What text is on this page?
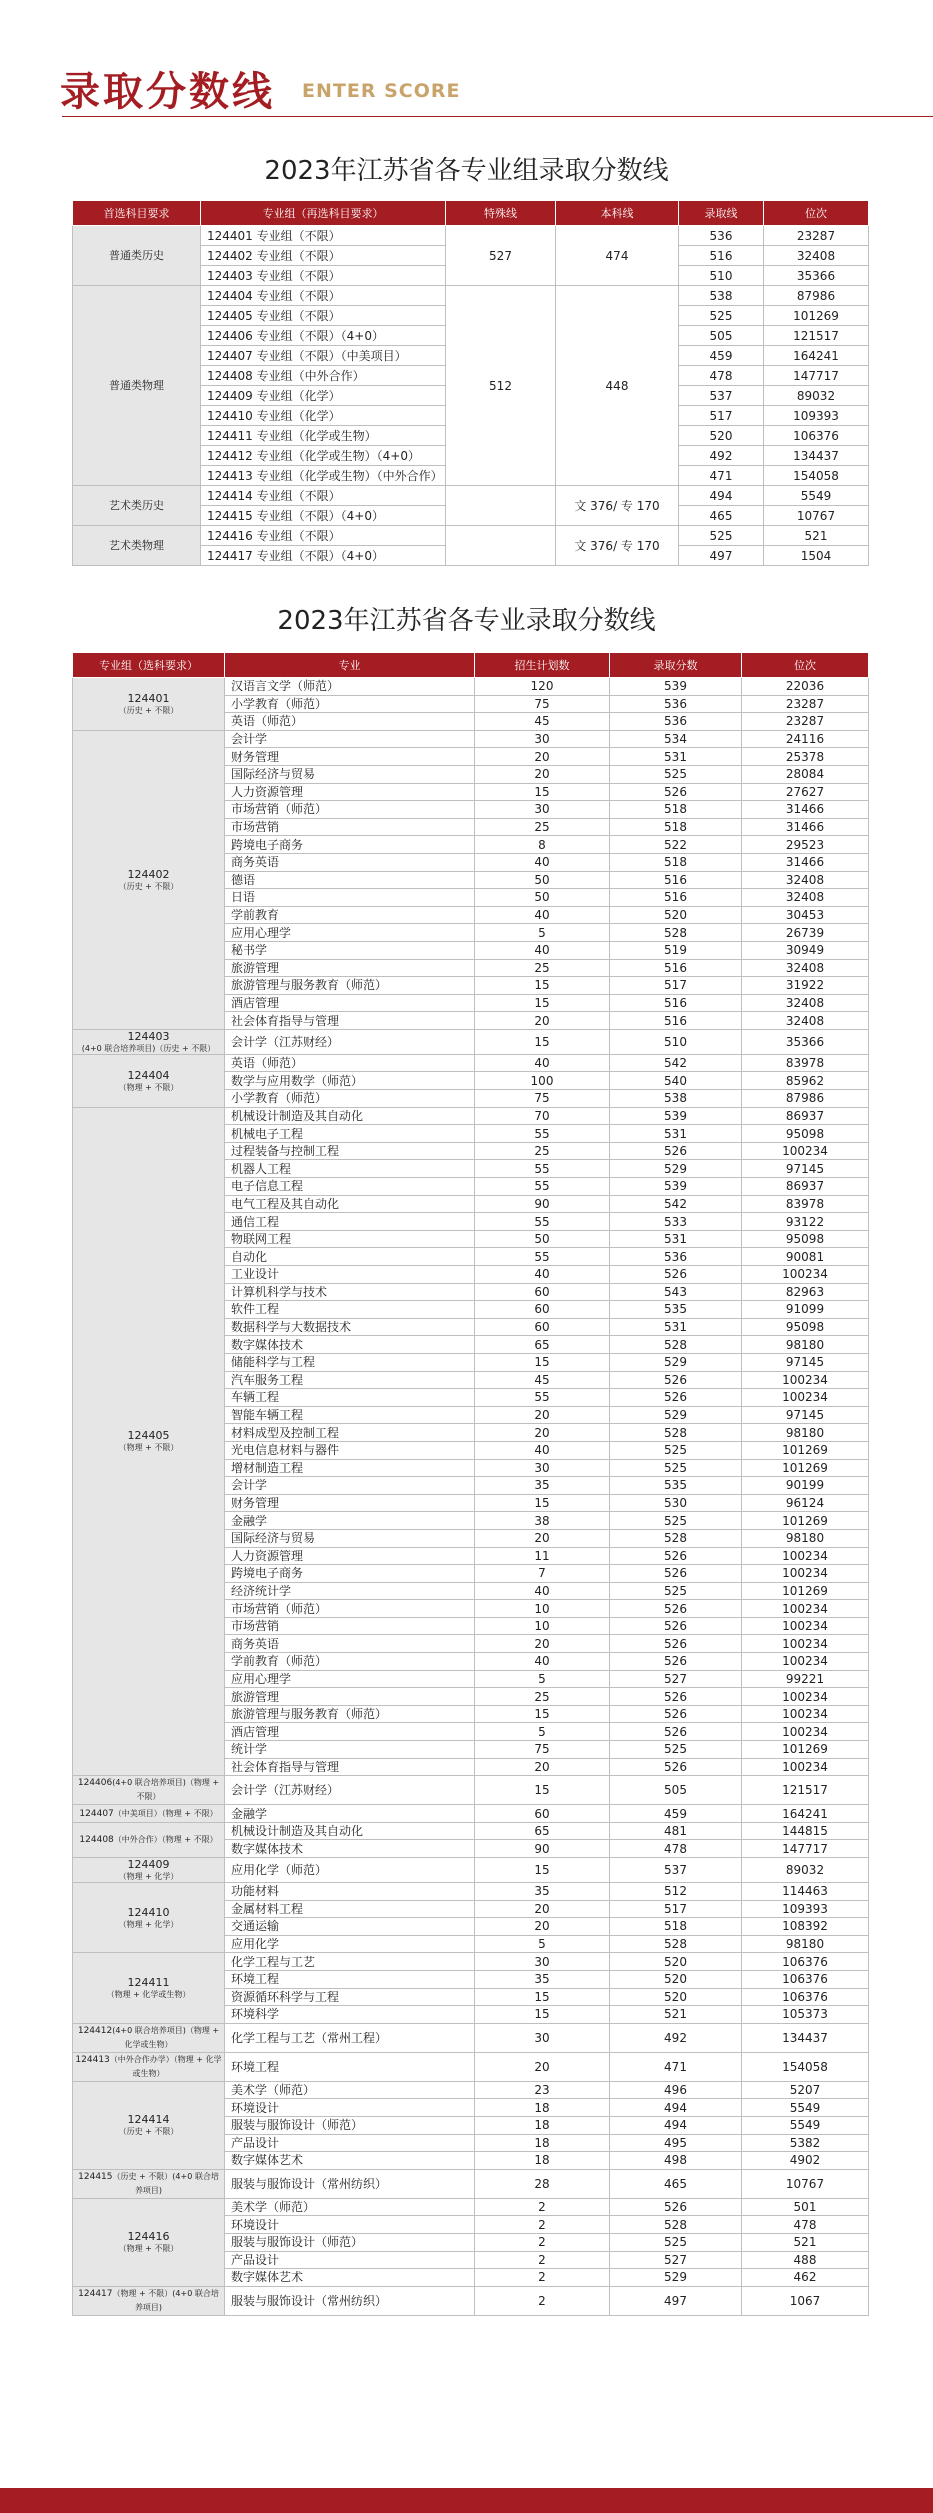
录取分数线 ENTER SCORE
2023年江苏省各专业组录取分数线
首选科目要求	专业组（再选科目要求）	特殊线	本科线	录取线	位次
普通类历史	124401 专业组（不限）	527	474	536	23287
	124402 专业组（不限）			516	32408
	124403 专业组（不限）			510	35366
普通类物理	124404 专业组（不限）	512	448	538	87986
	124405 专业组（不限）			525	101269
	124406 专业组（不限）（4+0）			505	121517
	124407 专业组（不限）（中美项目）			459	164241
	124408 专业组（中外合作）			478	147717
	124409 专业组（化学）			537	89032
	124410 专业组（化学）			517	109393
	124411 专业组（化学或生物）			520	106376
	124412 专业组（化学或生物）（4+0）			492	134437
	124413 专业组（化学或生物）（中外合作）			471	154058
艺术类历史	124414 专业组（不限）		文 376/ 专 170	494	5549
	124415 专业组（不限）（4+0）			465	10767
艺术类物理	124416 专业组（不限）		文 376/ 专 170	525	521
	124417 专业组（不限）（4+0）			497	1504
2023年江苏省各专业录取分数线
专业组（选科要求）	专业	招生计划数	录取分数	位次
124401
（历史 + 不限）	汉语言文学（师范）	120	539	22036
	小学教育（师范）	75	536	23287
	英语（师范）	45	536	23287
124402
（历史 + 不限）	会计学	30	534	24116
	财务管理	20	531	25378
	国际经济与贸易	20	525	28084
	人力资源管理	15	526	27627
	市场营销（师范）	30	518	31466
	市场营销	25	518	31466
	跨境电子商务	8	522	29523
	商务英语	40	518	31466
	德语	50	516	32408
	日语	50	516	32408
	学前教育	40	520	30453
	应用心理学	5	528	26739
	秘书学	40	519	30949
	旅游管理	25	516	32408
	旅游管理与服务教育（师范）	15	517	31922
	酒店管理	15	516	32408
	社会体育指导与管理	20	516	32408
124403
(4+0 联合培养项目)（历史 + 不限）	会计学（江苏财经）	15	510	35366
124404
（物理 + 不限）	英语（师范）	40	542	83978
	数学与应用数学（师范）	100	540	85962
	小学教育（师范）	75	538	87986
124405
（物理 + 不限）	机械设计制造及其自动化	70	539	86937
	机械电子工程	55	531	95098
	过程装备与控制工程	25	526	100234
	机器人工程	55	529	97145
	电子信息工程	55	539	86937
	电气工程及其自动化	90	542	83978
	通信工程	55	533	93122
	物联网工程	50	531	95098
	自动化	55	536	90081
	工业设计	40	526	100234
	计算机科学与技术	60	543	82963
	软件工程	60	535	91099
	数据科学与大数据技术	60	531	95098
	数字媒体技术	65	528	98180
	储能科学与工程	15	529	97145
	汽车服务工程	45	526	100234
	车辆工程	55	526	100234
	智能车辆工程	20	529	97145
	材料成型及控制工程	20	528	98180
	光电信息材料与器件	40	525	101269
	增材制造工程	30	525	101269
	会计学	35	535	90199
	财务管理	15	530	96124
	金融学	38	525	101269
	国际经济与贸易	20	528	98180
	人力资源管理	11	526	100234
	跨境电子商务	7	526	100234
	经济统计学	40	525	101269
	市场营销（师范）	10	526	100234
	市场营销	10	526	100234
	商务英语	20	526	100234
	学前教育（师范）	40	526	100234
	应用心理学	5	527	99221
	旅游管理	25	526	100234
	旅游管理与服务教育（师范）	15	526	100234
	酒店管理	5	526	100234
	统计学	75	525	101269
	社会体育指导与管理	20	526	100234
124406(4+0 联合培养项目)（物理 + 不限）	会计学（江苏财经）	15	505	121517
124407（中美项目）（物理 + 不限）	金融学	60	459	164241
124408（中外合作）（物理 + 不限）	机械设计制造及其自动化	65	481	144815
	数字媒体技术	90	478	147717
124409
（物理 + 化学）	应用化学（师范）	15	537	89032
124410
（物理 + 化学）	功能材料	35	512	114463
	金属材料工程	20	517	109393
	交通运输	20	518	108392
	应用化学	5	528	98180
124411
（物理 + 化学或生物）	化学工程与工艺	30	520	106376
	环境工程	35	520	106376
	资源循环科学与工程	15	520	106376
	环境科学	15	521	105373
124412(4+0 联合培养项目)（物理 + 化学或生物）	化学工程与工艺（常州工程）	30	492	134437
124413（中外合作办学）（物理 + 化学或生物）	环境工程	20	471	154058
124414
（历史 + 不限）	美术学（师范）	23	496	5207
	环境设计	18	494	5549
	服装与服饰设计（师范）	18	494	5549
	产品设计	18	495	5382
	数字媒体艺术	18	498	4902
124415（历史 + 不限）(4+0 联合培养项目)	服装与服饰设计（常州纺织）	28	465	10767
124416
（物理 + 不限）	美术学（师范）	2	526	501
	环境设计	2	528	478
	服装与服饰设计（师范）	2	525	521
	产品设计	2	527	488
	数字媒体艺术	2	529	462
124417（物理 + 不限）(4+0 联合培养项目)	服装与服饰设计（常州纺织）	2	497	1067
